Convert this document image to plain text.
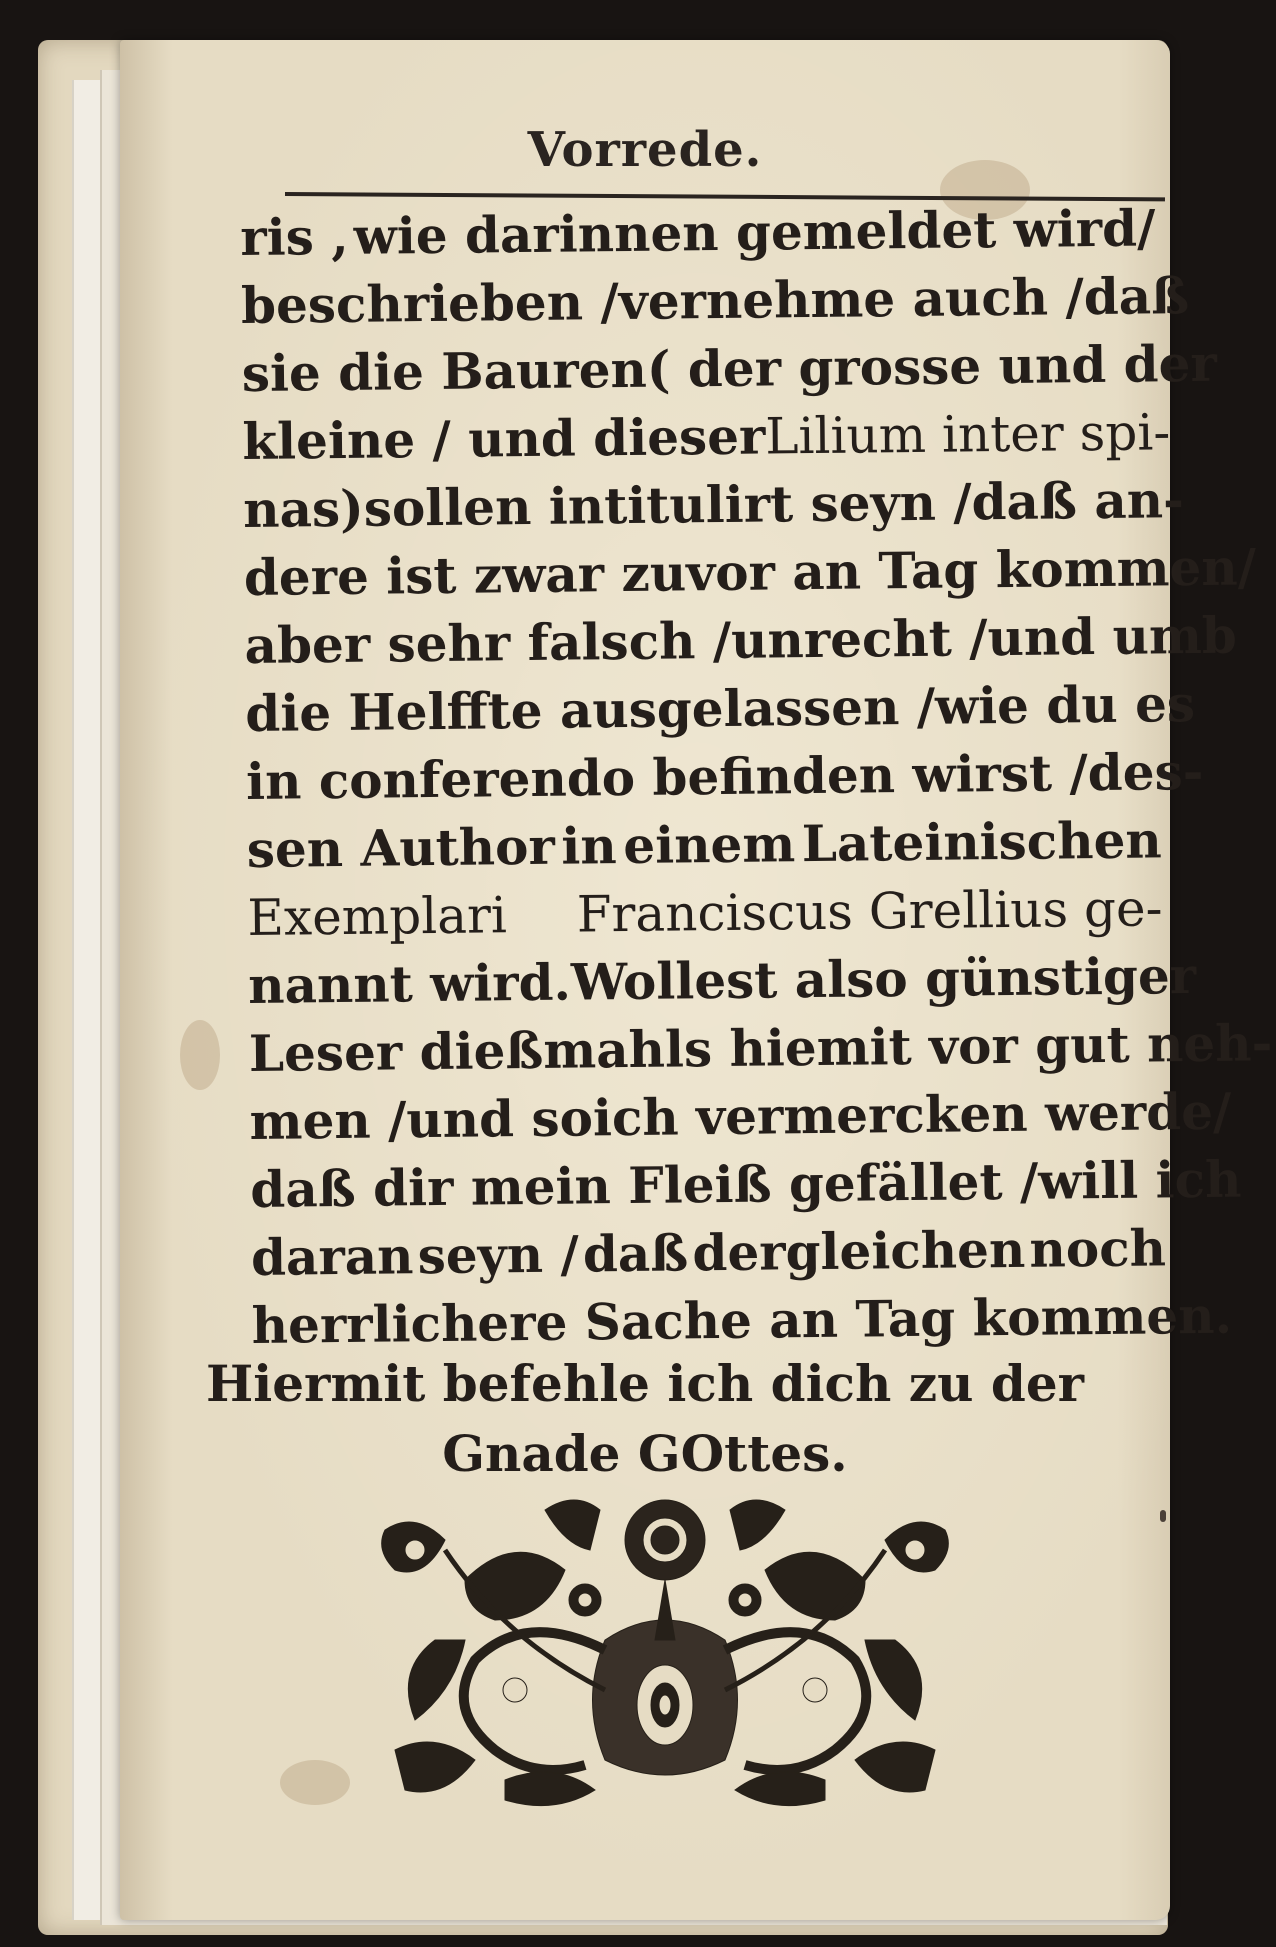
Vorrede.
ris , wie darinnen gemeldet wird/
beschrieben / vernehme auch / daß
sie die Bauren ( der grosse und der
kleine / und dieser Lilium inter spi-
nas) sollen intitulirt seyn / daß an-
dere ist zwar zuvor an Tag kommen/
aber sehr falsch / unrecht / und umb
die Helffte ausgelassen / wie du es
in conferendo befinden wirst / des-
sen Author in einem Lateinischen
Exemplari Franciscus Grellius ge-
nannt wird. Wollest also günstiger
Leser dießmahls hiemit vor gut neh-
men / und so ich vermercken werde/
daß dir mein Fleiß gefället / will ich
daran seyn / daß dergleichen noch
herrlichere Sache an Tag kommen.
Hiermit befehle ich dich zu der
Gnade GOttes.
